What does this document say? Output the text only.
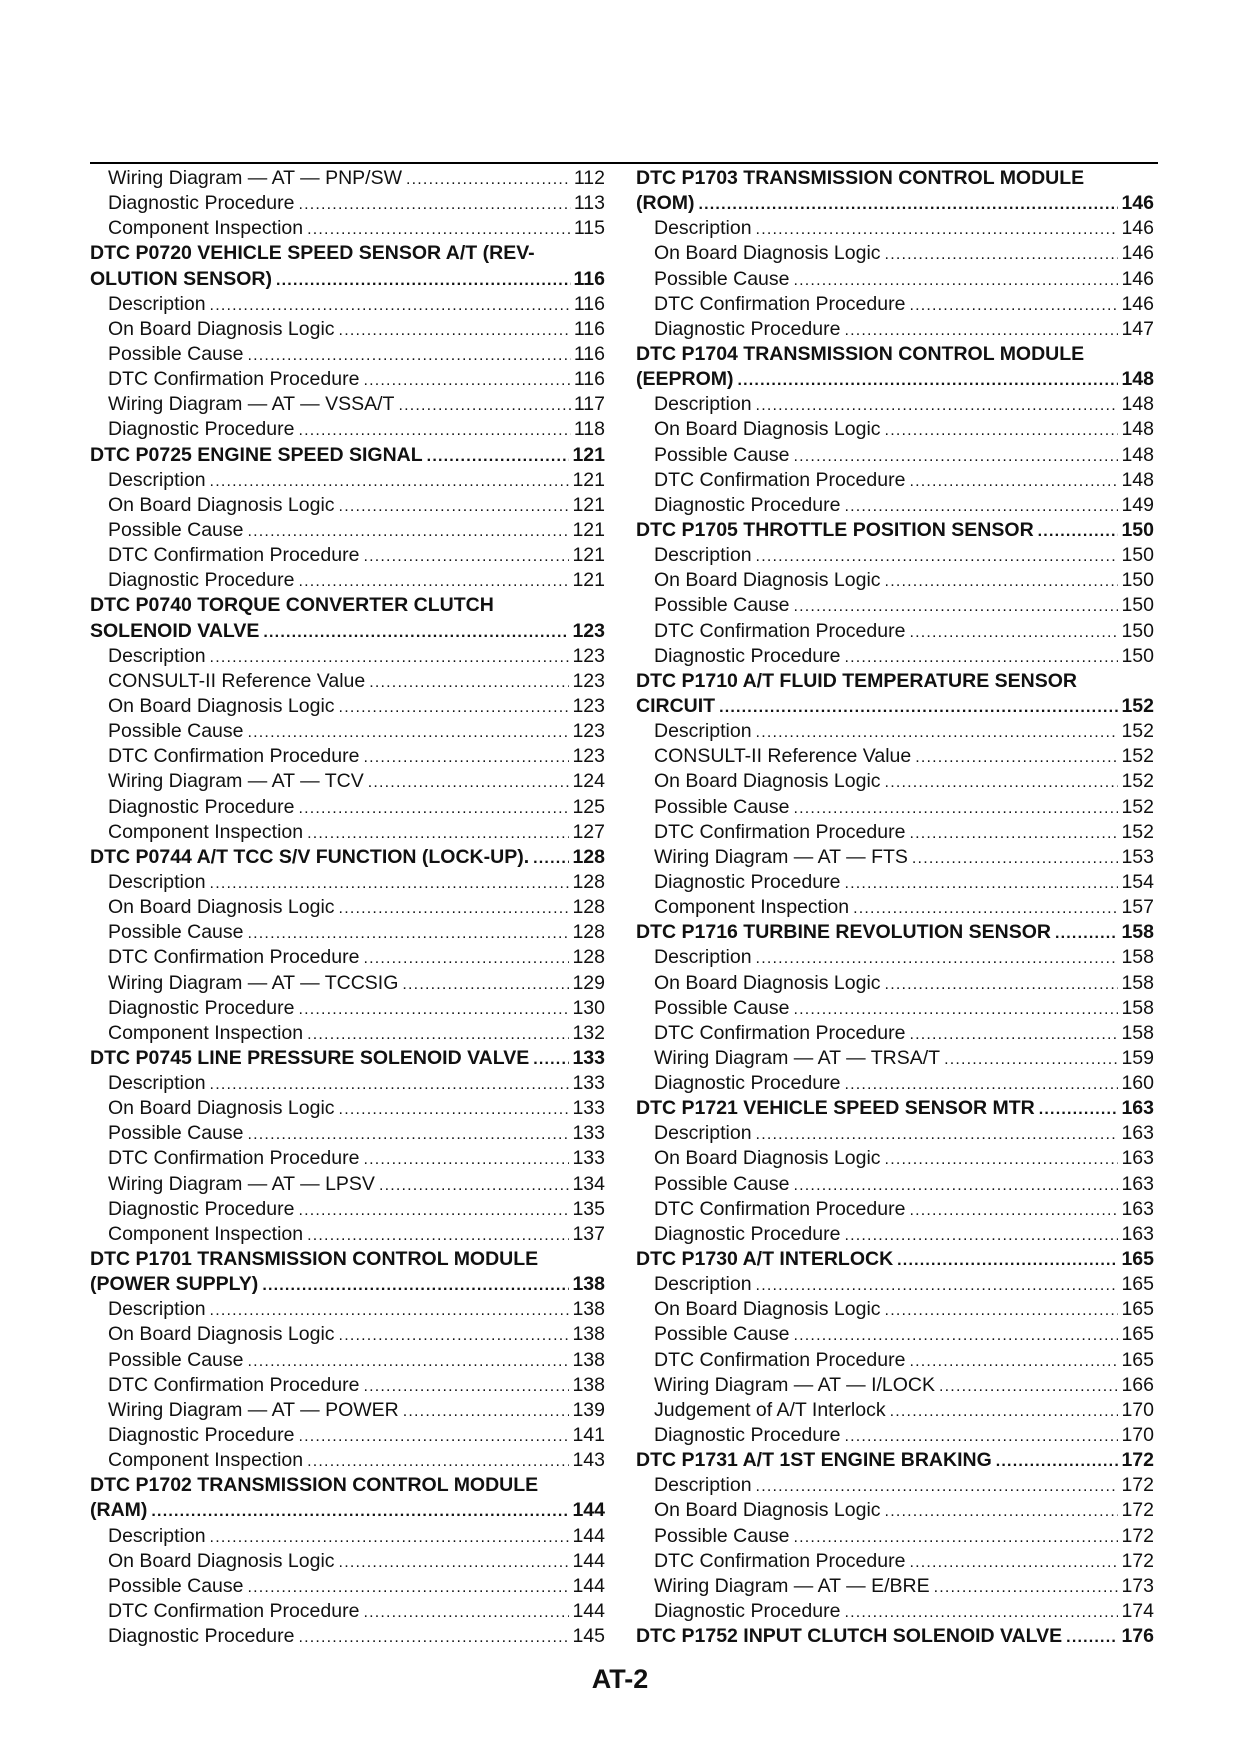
Wiring Diagram — AT — PNP/SW .....	112
Diagnostic Procedure .....	113
Component Inspection .....	115
DTC P0720 VEHICLE SPEED SENSOR A/T (REV-
OLUTION SENSOR) .....	116
Description .....	116
On Board Diagnosis Logic .....	116
Possible Cause .....	116
DTC Confirmation Procedure .....	116
Wiring Diagram — AT — VSSA/T .....	117
Diagnostic Procedure .....	118
DTC P0725 ENGINE SPEED SIGNAL .....	121
Description .....	121
On Board Diagnosis Logic .....	121
Possible Cause .....	121
DTC Confirmation Procedure .....	121
Diagnostic Procedure .....	121
DTC P0740 TORQUE CONVERTER CLUTCH
SOLENOID VALVE .....	123
Description .....	123
CONSULT-II Reference Value .....	123
On Board Diagnosis Logic .....	123
Possible Cause .....	123
DTC Confirmation Procedure .....	123
Wiring Diagram — AT — TCV .....	124
Diagnostic Procedure .....	125
Component Inspection .....	127
DTC P0744 A/T TCC S/V FUNCTION (LOCK-UP). ..... 128
Description .....	128
On Board Diagnosis Logic .....	128
Possible Cause .....	128
DTC Confirmation Procedure .....	128
Wiring Diagram — AT — TCCSIG .....	129
Diagnostic Procedure .....	130
Component Inspection .....	132
DTC P0745 LINE PRESSURE SOLENOID VALVE ..... 133
Description .....	133
On Board Diagnosis Logic .....	133
Possible Cause .....	133
DTC Confirmation Procedure .....	133
Wiring Diagram — AT — LPSV .....	134
Diagnostic Procedure .....	135
Component Inspection .....	137
DTC P1701 TRANSMISSION CONTROL MODULE
(POWER SUPPLY) .....	138
Description .....	138
On Board Diagnosis Logic .....	138
Possible Cause .....	138
DTC Confirmation Procedure .....	138
Wiring Diagram — AT — POWER .....	139
Diagnostic Procedure .....	141
Component Inspection .....	143
DTC P1702 TRANSMISSION CONTROL MODULE
(RAM) .....	144
Description .....	144
On Board Diagnosis Logic .....	144
Possible Cause .....	144
DTC Confirmation Procedure .....	144
Diagnostic Procedure .....	145
DTC P1703 TRANSMISSION CONTROL MODULE
(ROM) .....	146
Description .....	146
On Board Diagnosis Logic .....	146
Possible Cause .....	146
DTC Confirmation Procedure .....	146
Diagnostic Procedure .....	147
DTC P1704 TRANSMISSION CONTROL MODULE
(EEPROM) .....	148
Description .....	148
On Board Diagnosis Logic .....	148
Possible Cause .....	148
DTC Confirmation Procedure .....	148
Diagnostic Procedure .....	149
DTC P1705 THROTTLE POSITION SENSOR .....	150
Description .....	150
On Board Diagnosis Logic .....	150
Possible Cause .....	150
DTC Confirmation Procedure .....	150
Diagnostic Procedure .....	150
DTC P1710 A/T FLUID TEMPERATURE SENSOR
CIRCUIT .....	152
Description .....	152
CONSULT-II Reference Value .....	152
On Board Diagnosis Logic .....	152
Possible Cause .....	152
DTC Confirmation Procedure .....	152
Wiring Diagram — AT — FTS .....	153
Diagnostic Procedure .....	154
Component Inspection .....	157
DTC P1716 TURBINE REVOLUTION SENSOR .....	158
Description .....	158
On Board Diagnosis Logic .....	158
Possible Cause .....	158
DTC Confirmation Procedure .....	158
Wiring Diagram — AT — TRSA/T .....	159
Diagnostic Procedure .....	160
DTC P1721 VEHICLE SPEED SENSOR MTR .....	163
Description .....	163
On Board Diagnosis Logic .....	163
Possible Cause .....	163
DTC Confirmation Procedure .....	163
Diagnostic Procedure .....	163
DTC P1730 A/T INTERLOCK .....	165
Description .....	165
On Board Diagnosis Logic .....	165
Possible Cause .....	165
DTC Confirmation Procedure .....	165
Wiring Diagram — AT — I/LOCK .....	166
Judgement of A/T Interlock .....	170
Diagnostic Procedure .....	170
DTC P1731 A/T 1ST ENGINE BRAKING .....	172
Description .....	172
On Board Diagnosis Logic .....	172
Possible Cause .....	172
DTC Confirmation Procedure .....	172
Wiring Diagram — AT — E/BRE .....	173
Diagnostic Procedure .....	174
DTC P1752 INPUT CLUTCH SOLENOID VALVE .....	176
AT-2
